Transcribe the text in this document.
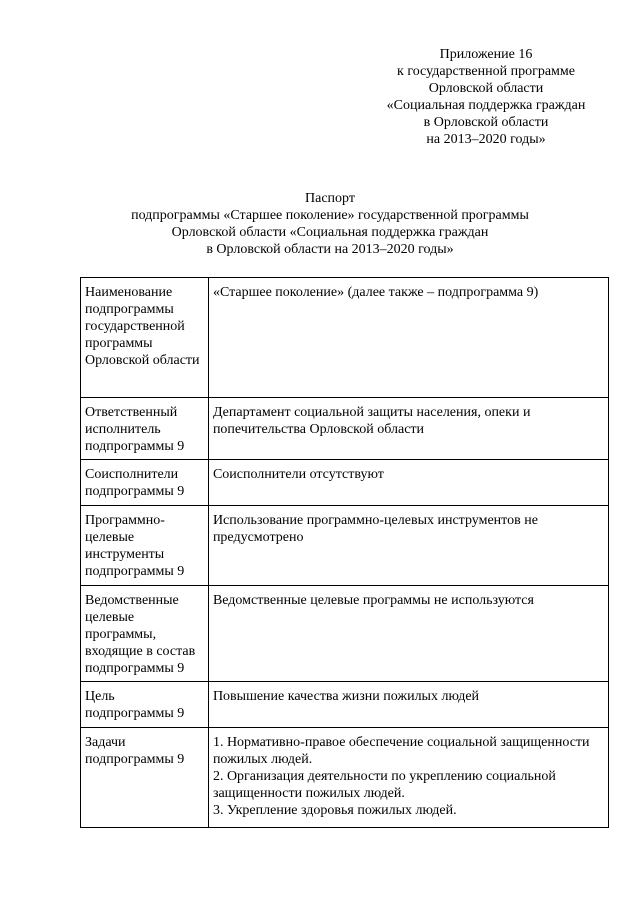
Приложение 16
к государственной программе
Орловской области
«Социальная поддержка граждан
в Орловской области
на 2013–2020 годы»
Паспорт
подпрограммы «Старшее поколение» государственной программы
Орловской области «Социальная поддержка граждан
в Орловской области на 2013–2020 годы»
Наименование подпрограммы государственной программы Орловской области	«Старшее поколение» (далее также – подпрограмма 9)
Ответственный исполнитель подпрограммы 9	Департамент социальной защиты населения, опеки и попечительства Орловской области
Соисполнители подпрограммы 9	Соисполнители отсутствуют
Программно-целевые инструменты подпрограммы 9	Использование программно-целевых инструментов не предусмотрено
Ведомственные целевые программы, входящие в состав подпрограммы 9	Ведомственные целевые программы не используются
Цель подпрограммы 9	Повышение качества жизни пожилых людей
Задачи подпрограммы 9	1. Нормативно-правое обеспечение социальной защищенности пожилых людей.
2. Организация деятельности по укреплению социальной защищенности пожилых людей.
3. Укрепление здоровья пожилых людей.
